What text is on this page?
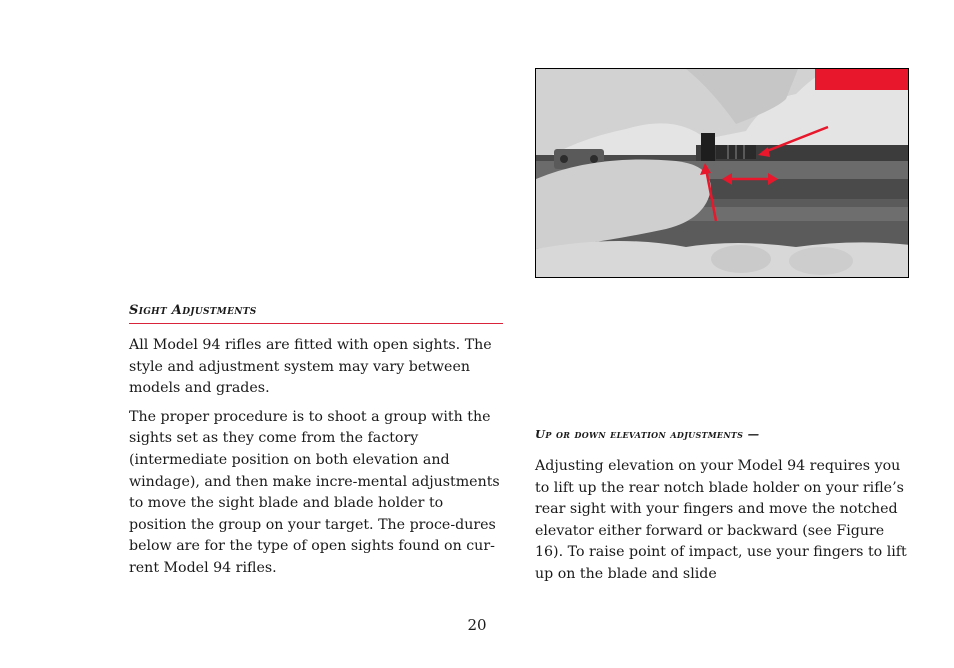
Sight Adjustments

All Model 94 rifles are fitted with open sights. The style and adjustment system may vary between models and grades.

The proper procedure is to shoot a group with the sights set as they come from the factory (intermediate position on both elevation and windage), and then make incre-mental adjustments to move the sight blade and blade holder to position the group on your target. The proce-dures below are for the type of open sights found on cur-rent Model 94 rifles.

Up or down elevation adjustments —

Adjusting elevation on your Model 94 requires you to lift up the rear notch blade holder on your rifle’s rear sight with your fingers and move the notched elevator either forward or backward (see Figure 16). To raise point of impact, use your fingers to lift up on the blade and slide

20
